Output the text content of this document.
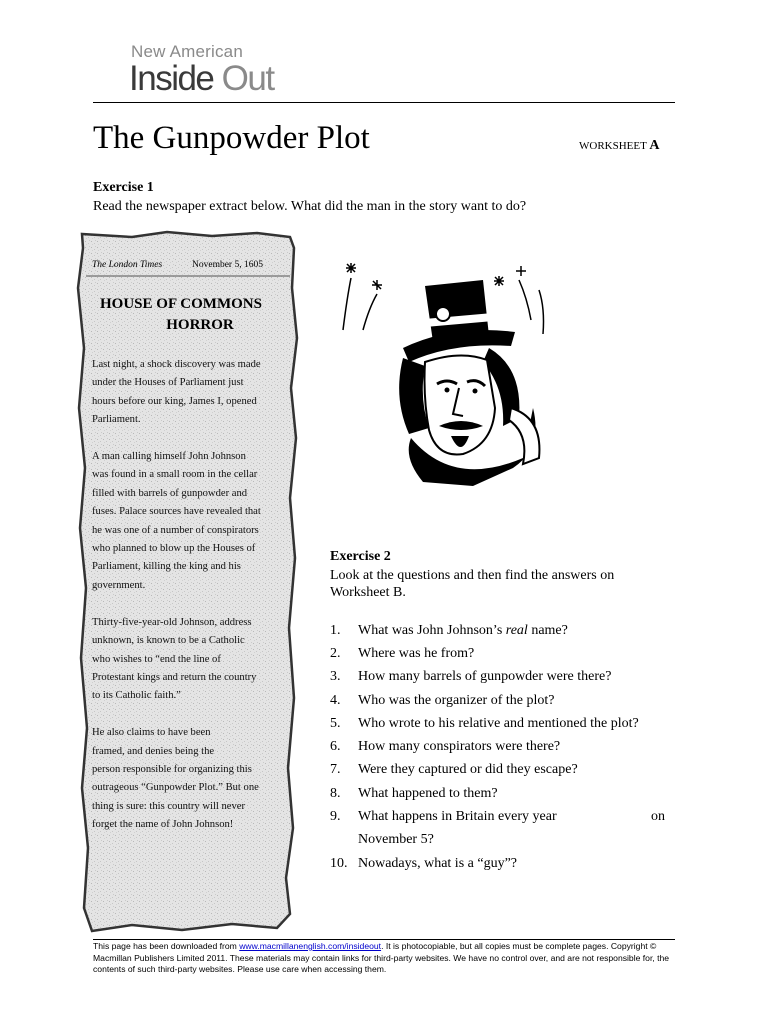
New American
Inside Out
The Gunpowder Plot	WORKSHEET A
Exercise 1
Read the newspaper extract below. What did the man in the story want to do?
The London Times	November 5, 1605
HOUSE OF COMMONS
HORROR
Last night, a shock discovery was made
under the Houses of Parliament just
hours before our king, James I, opened
Parliament.

A man calling himself John Johnson
was found in a small room in the cellar
filled with barrels of gunpowder and
fuses. Palace sources have revealed that
he was one of a number of conspirators
who planned to blow up the Houses of
Parliament, killing the king and his
government.

Thirty-five-year-old Johnson, address
unknown, is known to be a Catholic
who wishes to “end the line of
Protestant kings and return the country
to its Catholic faith.”

He also claims to have been
framed, and denies being the
person responsible for organizing this
outrageous “Gunpowder Plot.” But one
thing is sure: this country will never
forget the name of John Johnson!
Exercise 2
Look at the questions and then find the answers on
Worksheet B.
1.	What was John Johnson’s real name?
2.	Where was he from?
3.	How many barrels of gunpowder were there?
4.	Who was the organizer of the plot?
5.	Who wrote to his relative and mentioned the plot?
6.	How many conspirators were there?
7.	Were they captured or did they escape?
8.	What happened to them?
9.	What happens in Britain every year	on
November 5?
10. Nowadays, what is a “guy”?
This page has been downloaded from www.macmillanenglish.com/insideout. It is photocopiable, but all copies must be complete pages. Copyright © Macmillan Publishers Limited 2011. These materials may contain links for third-party websites. We have no control over, and are not responsible for, the contents of such third-party websites. Please use care when accessing them.
